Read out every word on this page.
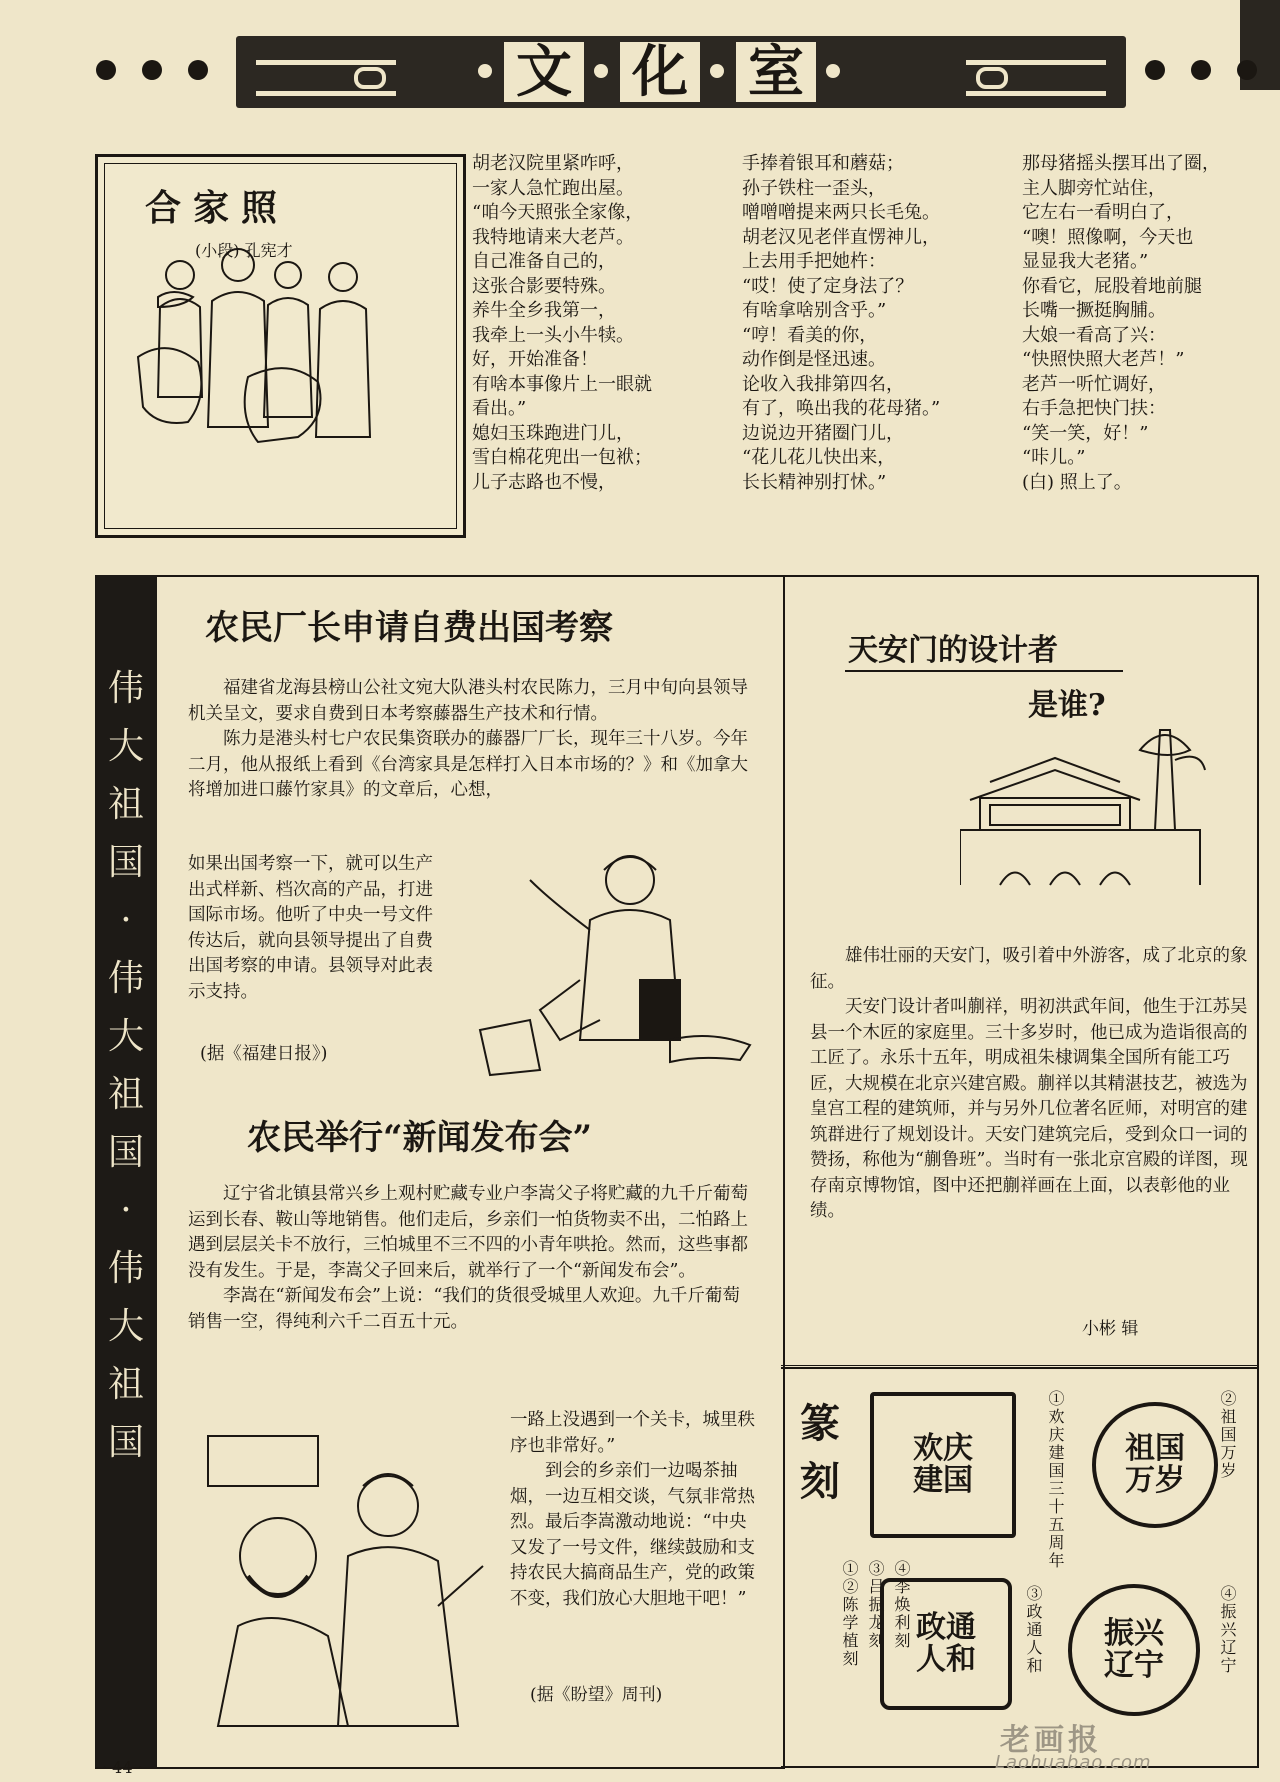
文 化 室
合家照
(小段) 孔宪才
胡老汉院里紧咋呼，
一家人急忙跑出屋。
“咱今天照张全家像，
我特地请来大老芦。
自己准备自己的，
这张合影要特殊。
养牛全乡我第一，
我牵上一头小牛犊。
好，开始准备！
有啥本事像片上一眼就
看出。”
媳妇玉珠跑进门儿，
雪白棉花兜出一包袱；
儿子志路也不慢，
手捧着银耳和蘑菇；
孙子铁柱一歪头，
噌噌噌提来两只长毛兔。
胡老汉见老伴直愣神儿，
上去用手把她杵：
“哎！使了定身法了？
有啥拿啥别含乎。”
“哼！看美的你，
动作倒是怪迅速。
论收入我排第四名，
有了，唤出我的花母猪。”
边说边开猪圈门儿，
“花儿花儿快出来，
长长精神别打怵。”
那母猪摇头摆耳出了圈，
主人脚旁忙站住，
它左右一看明白了，
“噢！照像啊，今天也
显显我大老猪。”
你看它，屁股着地前腿
长嘴一撅挺胸脯。
大娘一看高了兴：
“快照快照大老芦！”
老芦一听忙调好，
右手急把快门扶：
“笑一笑，好！”
“咔儿。”
(白) 照上了。
伟
大
祖
国
·
伟
大
祖
国
·
伟
大
祖
国
农民厂长申请自费出国考察

福建省龙海县榜山公社文宛大队港头村农民陈力，三月中旬向县领导机关呈文，要求自费到日本考察藤器生产技术和行情。

陈力是港头村七户农民集资联办的藤器厂厂长，现年三十八岁。今年二月，他从报纸上看到《台湾家具是怎样打入日本市场的？》和《加拿大将增加进口藤竹家具》的文章后，心想，

如果出国考察一下，就可以生产出式样新、档次高的产品，打进国际市场。他听了中央一号文件传达后，就向县领导提出了自费出国考察的申请。县领导对此表示支持。
(据《福建日报》)
农民举行“新闻发布会”

辽宁省北镇县常兴乡上观村贮藏专业户李嵩父子将贮藏的九千斤葡萄运到长春、鞍山等地销售。他们走后，乡亲们一怕货物卖不出，二怕路上遇到层层关卡不放行，三怕城里不三不四的小青年哄抢。然而，这些事都没有发生。于是，李嵩父子回来后，就举行了一个“新闻发布会”。

李嵩在“新闻发布会”上说：“我们的货很受城里人欢迎。九千斤葡萄销售一空，得纯利六千二百五十元。

一路上没遇到一个关卡，城里秩序也非常好。”

到会的乡亲们一边喝茶抽烟，一边互相交谈，气氛非常热烈。最后李嵩激动地说：“中央又发了一号文件，继续鼓励和支持农民大搞商品生产，党的政策不变，我们放心大胆地干吧！”

(据《盼望》周刊)
天安门的设计者
是谁?

雄伟壮丽的天安门，吸引着中外游客，成了北京的象征。

天安门设计者叫蒯祥，明初洪武年间，他生于江苏吴县一个木匠的家庭里。三十多岁时，他已成为造诣很高的工匠了。永乐十五年，明成祖朱棣调集全国所有能工巧匠，大规模在北京兴建宫殿。蒯祥以其精湛技艺，被选为皇宫工程的建筑师，并与另外几位著名匠师，对明宫的建筑群进行了规划设计。天安门建筑完后，受到众口一词的赞扬，称他为“蒯鲁班”。当时有一张北京宫殿的详图，现存南京博物馆，图中还把蒯祥画在上面，以表彰他的业绩。

小彬 辑
篆刻
④李焕利刻
③吕振龙刻
①②陈学植刻
欢庆建国	①欢庆建国三十五周年 祖国万岁
②祖国万岁
政通人和	③政通人和 振兴辽宁	④振兴辽宁
· 44 ·
老画报
Laohuabao.com
